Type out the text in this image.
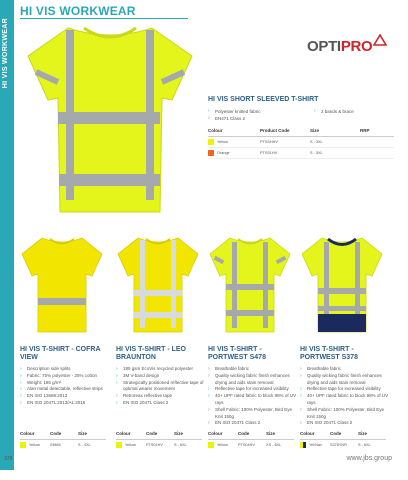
HI VIS WORKWEAR
HI VIS WORKWEAR
OPTIPRO
HI VIS SHORT SLEEVED T-SHIRT
› Polyester knitted fabric
› EN471 Class 2
› 2 bands & brace
Colour	Product Code	Size	RRP
Yellow	PTSSHHV	S - 3XL	
Orange	PTSSLHV	S - 3XL	
HI VIS T-SHIRT - COFRA VIEW
› Description side splits
› Fabric: 75% polyester - 25% cotton
› Weight: 185 g/m²
› Alan metal detectable, reflective strips
› EN ISO 13688:2013
› EN ISO 20471:2013/A1:2016
HI VIS T-SHIRT - LEO BRAUNTON
› 185 gsm EcoVis recycled polyester
› 3M V-band design
› Strategically positioned reflective tape of optimal wearer movement
› Retroreax reflective tape
› EN ISO 20471 Class 2
HI VIS T-SHIRT - PORTWEST S478
› Breathable fabric
› Quality wicking fabric finish enhances drying and aids stain removal
› Reflective tape for increased visibility
› 40+ UPF rated fabric to block 98% of UV rays
› Shell Fabric: 100% Polyester, Bird Eye Knit 150g
› EN ISO 20471 Class 2
HI VIS T-SHIRT - PORTWEST S378
› Breathable fabric
› Quality wicking fabric finish enhances drying and aids stain removal
› Reflective tape for increased visibility
› 40+ UPF rated fabric to block 98% of UV rays
› Shell Fabric: 100% Polyester, Bird Eye Knit 150g
› EN ISO 20471 Class 2
Colour	Code	Size
Yellow	03865	S - 4XL
Colour	Code	Size
Yellow	PTS01HV	S - 6XL
Colour	Code	Size
Yellow	PTS04HV	XS - 6XL
Colour	Code	Size
Yel/Nav	S378YNR	S - 6XL
378	www.jbs.group
